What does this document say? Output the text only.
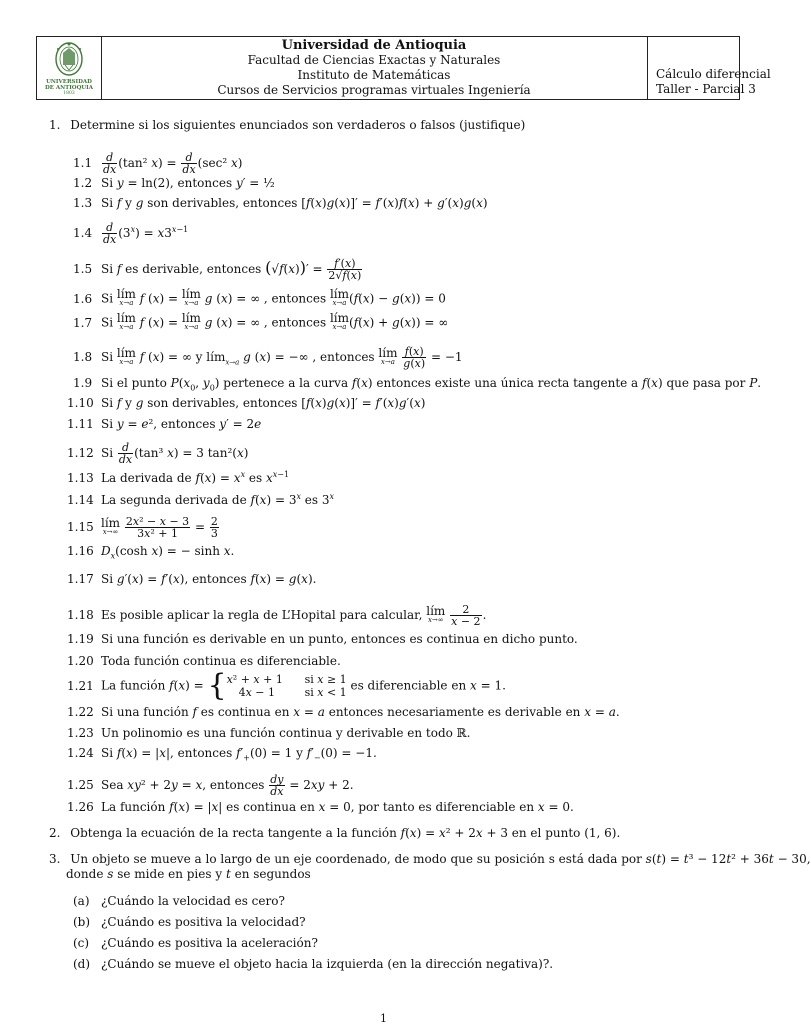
UNIVERSIDAD
DE ANTIOQUIA
1803
Universidad de Antioquia
Facultad de Ciencias Exactas y Naturales
Instituto de Matemáticas
Cursos de Servicios programas virtuales Ingeniería
Cálculo diferencial
Taller - Parcial 3
1. Determine si los siguientes enunciados son verdaderos o falsos (justifique)
$1.1 \frac{d}{dx} (\tan^2$ $x) = \frac{d}{dx} (\sec^2$ x)
1.2 Si y = ln(2), entonces y′ = ½
1.3 Si f y g son derivables, entonces [f(x)g(x)]′ = f′(x)f(x) + g′(x)g(x)
$1.4 \frac{d}{dx} (3^x) = x3^{x-1}$
1.5 Si f es derivable, entonces $(√f(x))' = \frac{f'(x)}{2√f(x)}$
1.6 Si lím
x→a f (x) = lím
x→a g (x) = ∞ , entonces lím
x→a (f(x) − g(x)) = 0
1.7 Si lím
x→a f (x) = lím
x→a g (x) = ∞ , entonces lím
x→a (f(x) + g(x)) = ∞
1.8 Si lím
x→a f (x) = ∞ y lím$_{x\to a}$ g (x) = −∞ , entonces lím
x→a
$\frac{f(x)}{g(x)} = -1$
1.9 Si el punto $P(x_0$, $y_0$) pertenece a la curva f(x) entonces existe una única recta tangente a f(x) que pasa por P.
1.10 Si f y g son derivables, entonces [f(x)g(x)]′ = f′(x)g′(x)
1.11 Si y = e², entonces y′ = 2e
1.12 Si $\frac{d}{dx} (\tan^3$ x) = 3 tan²(x)
1.13 La derivada de $f(x) = x^x$ es $x^{x-1}$
1.14 La segunda derivada de $f(x) = 3^x$ es 3$^x$
1.15 lím
x→∞
$\frac{\text{2x² − x − 3}}{\text{3x² + 1}} = \frac{2}{3}$
1.16 $D_x(\cosh$ x) = − sinh x.
1.17 Si g′(x) = f′(x), entonces f(x) = g(x).
1.18 Es posible aplicar la regla de L’Hopital para calcular, lím
x→∞
$\frac{2}{x - 2}$ .
1.19 Si una función es derivable en un punto, entonces es continua en dicho punto.
1.20 Toda función continua es diferenciable.
1.21 La función f(x) = {x² + x + 1 si x ≥ 1
4x − 1	si x < 1 es diferenciable en x = 1.
1.22 Si una función f es continua en x = a entonces necesariamente es derivable en x = a.
1.23 Un polinomio es una función continua y derivable en todo ℝ.
1.24 Si f(x) = |x|, entonces $f'_+(0) = 1$ y $f'_-(0) = -1$.
1.25 Sea xy² + 2y = x, entonces $\frac{dy}{dx} = 2xy + 2$.
1.26 La función f(x) = |x| es continua en x = 0, por tanto es diferenciable en x = 0.
2. Obtenga la ecuación de la recta tangente a la función f(x) = x² + 2x + 3 en el punto (1, 6).
3. Un objeto se mueve a lo largo de un eje coordenado, de modo que su posición s está dada por s(t) = t³ − 12t² + 36t − 30,
donde s se mide en pies y t en segundos
(a) ¿Cuándo la velocidad es cero?
(b) ¿Cuándo es positiva la velocidad?
(c) ¿Cuándo es positiva la aceleración?
(d) ¿Cuándo se mueve el objeto hacia la izquierda (en la dirección negativa)?.
1
